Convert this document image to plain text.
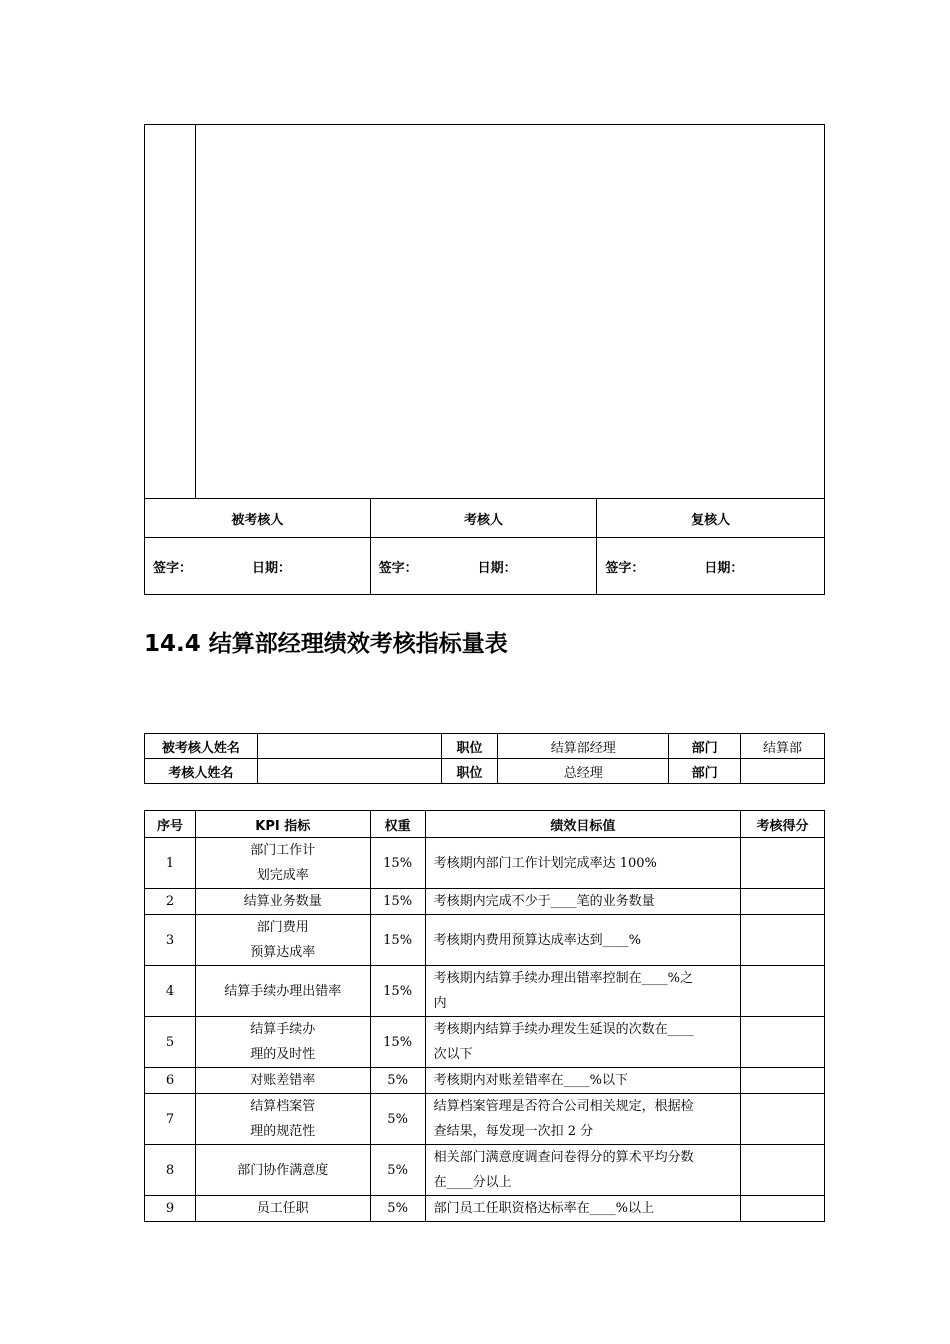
被考核人		考核人	复核人
签字： 日期：		签字： 日期：	签字： 日期：
14.4 结算部经理绩效考核指标量表
被考核人姓名		职位	结算部经理	部门	结算部
考核人姓名		职位	总经理	部门	
序号	KPI 指标	权重	绩效目标值	考核得分
1	部门工作计
划完成率	15%	考核期内部门工作计划完成率达 100%	
2	结算业务数量	15%	考核期内完成不少于____笔的业务数量	
3	部门费用
预算达成率	15%	考核期内费用预算达成率达到____%	
4	结算手续办理出错率	15%	考核期内结算手续办理出错率控制在____%之
内	
5	结算手续办
理的及时性	15%	考核期内结算手续办理发生延误的次数在____
次以下	
6	对账差错率	5%	考核期内对账差错率在____%以下	
7	结算档案管
理的规范性	5%	结算档案管理是否符合公司相关规定，根据检
查结果，每发现一次扣 2 分	
8	部门协作满意度	5%	相关部门满意度调查问卷得分的算术平均分数
在____分以上	
9	员工任职	5%	部门员工任职资格达标率在____%以上	
